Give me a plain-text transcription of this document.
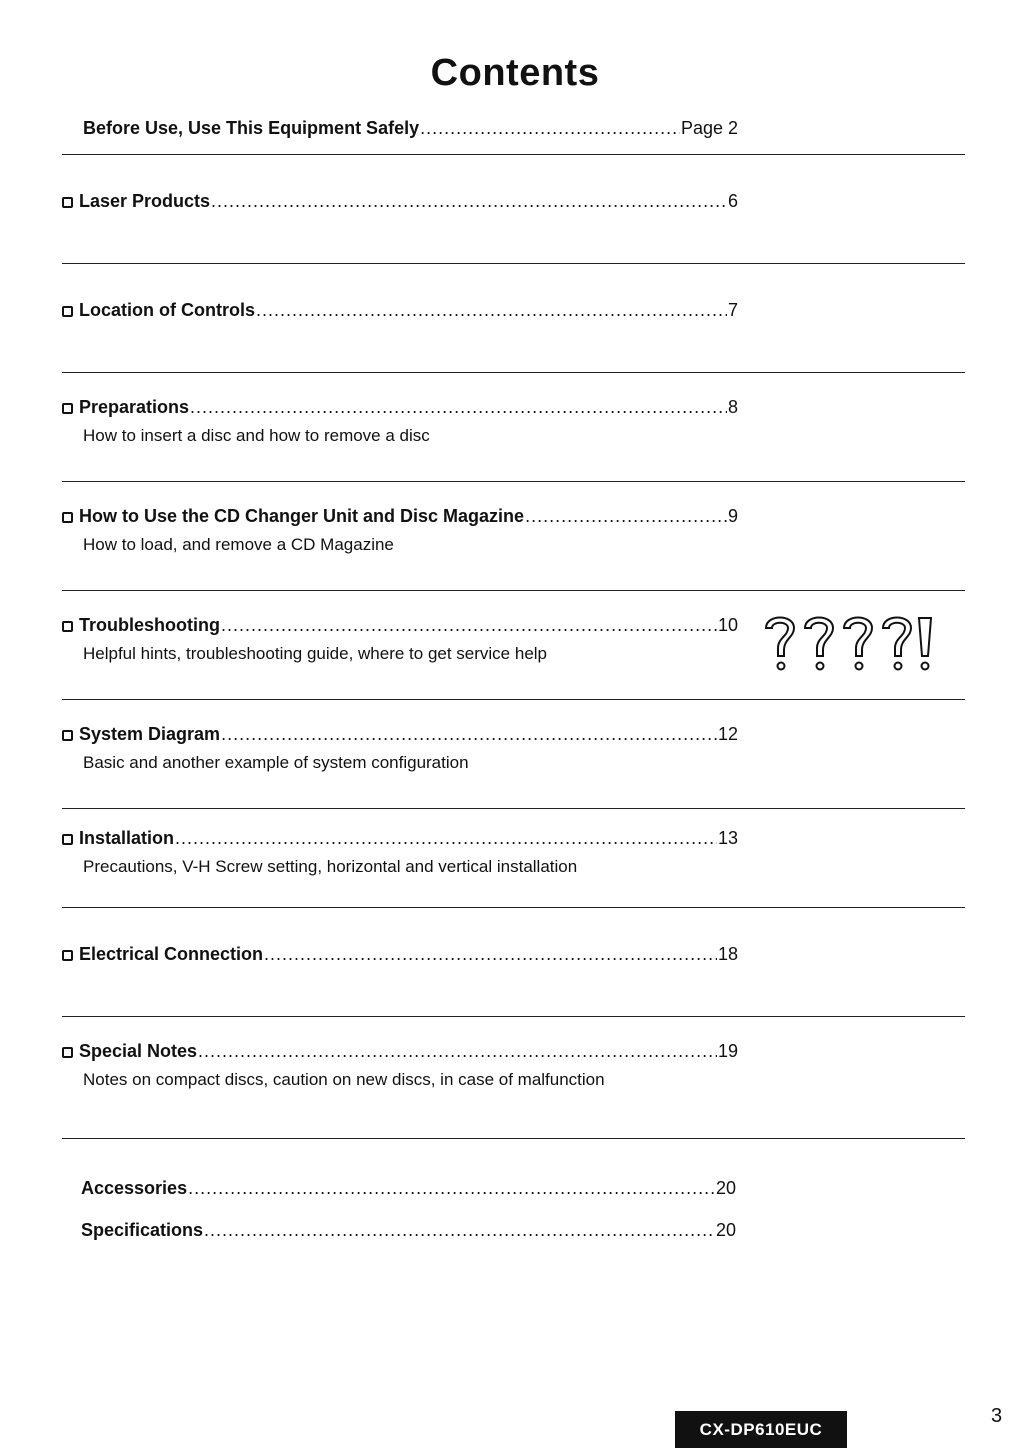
Contents
Before Use, Use This Equipment Safely .....	Page 2
Laser Products .....	6
Location of Controls .....	7
Preparations .....	8
How to insert a disc and how to remove a disc
How to Use the CD Changer Unit and Disc Magazine .....	9
How to load, and remove a CD Magazine
Troubleshooting .....	10
Helpful hints, troubleshooting guide, where to get service help
System Diagram .....	12
Basic and another example of system configuration
Installation .....	13
Precautions, V-H Screw setting, horizontal and vertical installation
Electrical Connection .....	18
Special Notes .....	19
Notes on compact discs, caution on new discs, in case of malfunction
Accessories .....	20
Specifications .....	20
CX-DP610EUC
3
